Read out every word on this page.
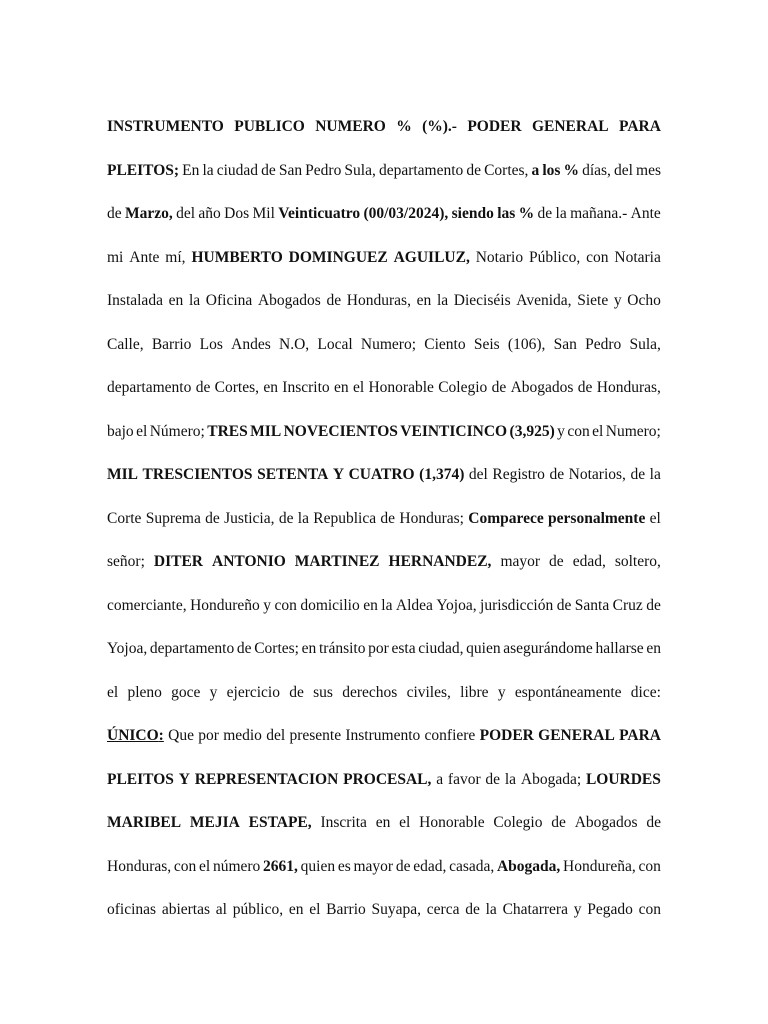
INSTRUMENTO PUBLICO NUMERO % (%).- PODER GENERAL PARA
PLEITOS; En la ciudad de San Pedro Sula, departamento de Cortes, a los % días, del mes
de Marzo, del año Dos Mil Veinticuatro (00/03/2024), siendo las % de la mañana.- Ante
mi Ante mí, HUMBERTO DOMINGUEZ AGUILUZ, Notario Público, con Notaria
Instalada en la Oficina Abogados de Honduras, en la Dieciséis Avenida, Siete y Ocho
Calle, Barrio Los Andes N.O, Local Numero; Ciento Seis (106), San Pedro Sula,
departamento de Cortes, en Inscrito en el Honorable Colegio de Abogados de Honduras,
bajo el Número; TRES MIL NOVECIENTOS VEINTICINCO (3,925) y con el Numero;
MIL TRESCIENTOS SETENTA Y CUATRO (1,374) del Registro de Notarios, de la
Corte Suprema de Justicia, de la Republica de Honduras; Comparece personalmente el
señor; DITER ANTONIO MARTINEZ HERNANDEZ, mayor de edad, soltero,
comerciante, Hondureño y con domicilio en la Aldea Yojoa, jurisdicción de Santa Cruz de
Yojoa, departamento de Cortes; en tránsito por esta ciudad, quien asegurándome hallarse en
el pleno goce y ejercicio de sus derechos civiles, libre y espontáneamente dice:
ÚNICO: Que por medio del presente Instrumento confiere PODER GENERAL PARA
PLEITOS Y REPRESENTACION PROCESAL, a favor de la Abogada; LOURDES
MARIBEL MEJIA ESTAPE, Inscrita en el Honorable Colegio de Abogados de
Honduras, con el número 2661, quien es mayor de edad, casada, Abogada, Hondureña, con
oficinas abiertas al público, en el Barrio Suyapa, cerca de la Chatarrera y Pegado con
